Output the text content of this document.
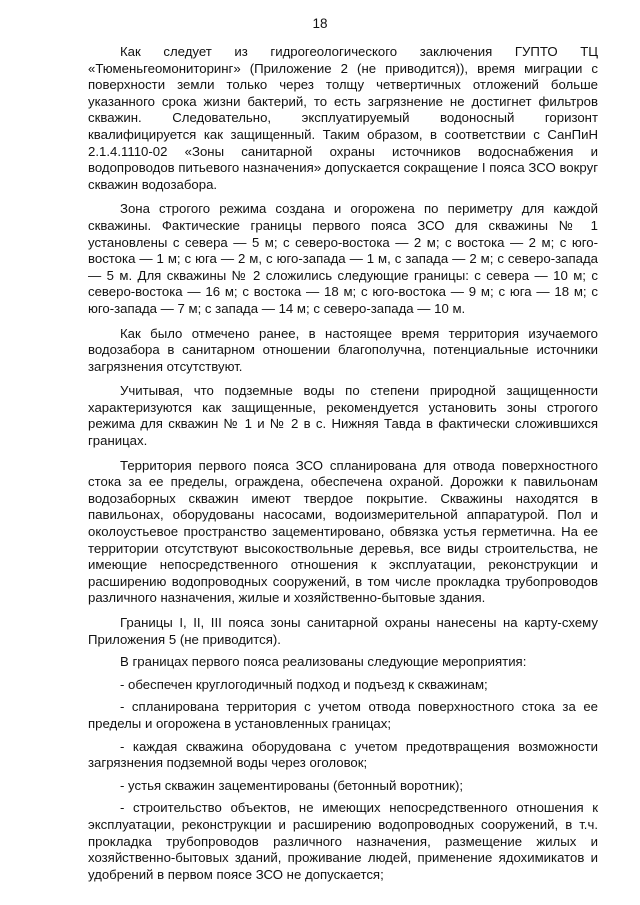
18

Как следует из гидрогеологического заключения ГУПТО ТЦ «Тюменьгеомониторинг» (Приложение 2 (не приводится)), время миграции с поверхности земли только через толщу четвертичных отложений больше указанного срока жизни бактерий, то есть загрязнение не достигнет фильтров скважин. Следовательно, эксплуатируемый водоносный горизонт квалифицируется как защищенный. Таким образом, в соответствии с СанПиН 2.1.4.1110-02 «Зоны санитарной охраны источников водоснабжения и водопроводов питьевого назначения» допускается сокращение I пояса ЗСО вокруг скважин водозабора.

Зона строгого режима создана и огорожена по периметру для каждой скважины. Фактические границы первого пояса ЗСО для скважины № 1 установлены с севера — 5 м; с северо-востока — 2 м; с востока — 2 м; с юго-востока — 1 м; с юга — 2 м, с юго-запада — 1 м, с запада — 2 м; с северо-запада — 5 м. Для скважины № 2 сложились следующие границы: с севера — 10 м; с северо-востока — 16 м; с востока — 18 м; с юго-востока — 9 м; с юга — 18 м; с юго-запада — 7 м; с запада — 14 м; с северо-запада — 10 м.

Как было отмечено ранее, в настоящее время территория изучаемого водозабора в санитарном отношении благополучна, потенциальные источники загрязнения отсутствуют.

Учитывая, что подземные воды по степени природной защищенности характеризуются как защищенные, рекомендуется установить зоны строгого режима для скважин № 1 и № 2 в с. Нижняя Тавда в фактически сложившихся границах.

Территория первого пояса ЗСО спланирована для отвода поверхностного стока за ее пределы, ограждена, обеспечена охраной. Дорожки к павильонам водозаборных скважин имеют твердое покрытие. Скважины находятся в павильонах, оборудованы насосами, водоизмерительной аппаратурой. Пол и околоустьевое пространство зацементировано, обвязка устья герметична. На ее территории отсутствуют высокоствольные деревья, все виды строительства, не имеющие непосредственного отношения к эксплуатации, реконструкции и расширению водопроводных сооружений, в том числе прокладка трубопроводов различного назначения, жилые и хозяйственно-бытовые здания.

Границы I, II, III пояса зоны санитарной охраны нанесены на карту-схему Приложения 5 (не приводится).

В границах первого пояса реализованы следующие мероприятия:

- обеспечен круглогодичный подход и подъезд к скважинам;

- спланирована территория с учетом отвода поверхностного стока за ее пределы и огорожена в установленных границах;

- каждая скважина оборудована с учетом предотвращения возможности загрязнения подземной воды через оголовок;

- устья скважин зацементированы (бетонный воротник);

- строительство объектов, не имеющих непосредственного отношения к эксплуатации, реконструкции и расширению водопроводных сооружений, в т.ч. прокладка трубопроводов различного назначения, размещение жилых и хозяйственно-бытовых зданий, проживание людей, применение ядохимикатов и удобрений в первом поясе ЗСО не допускается;
